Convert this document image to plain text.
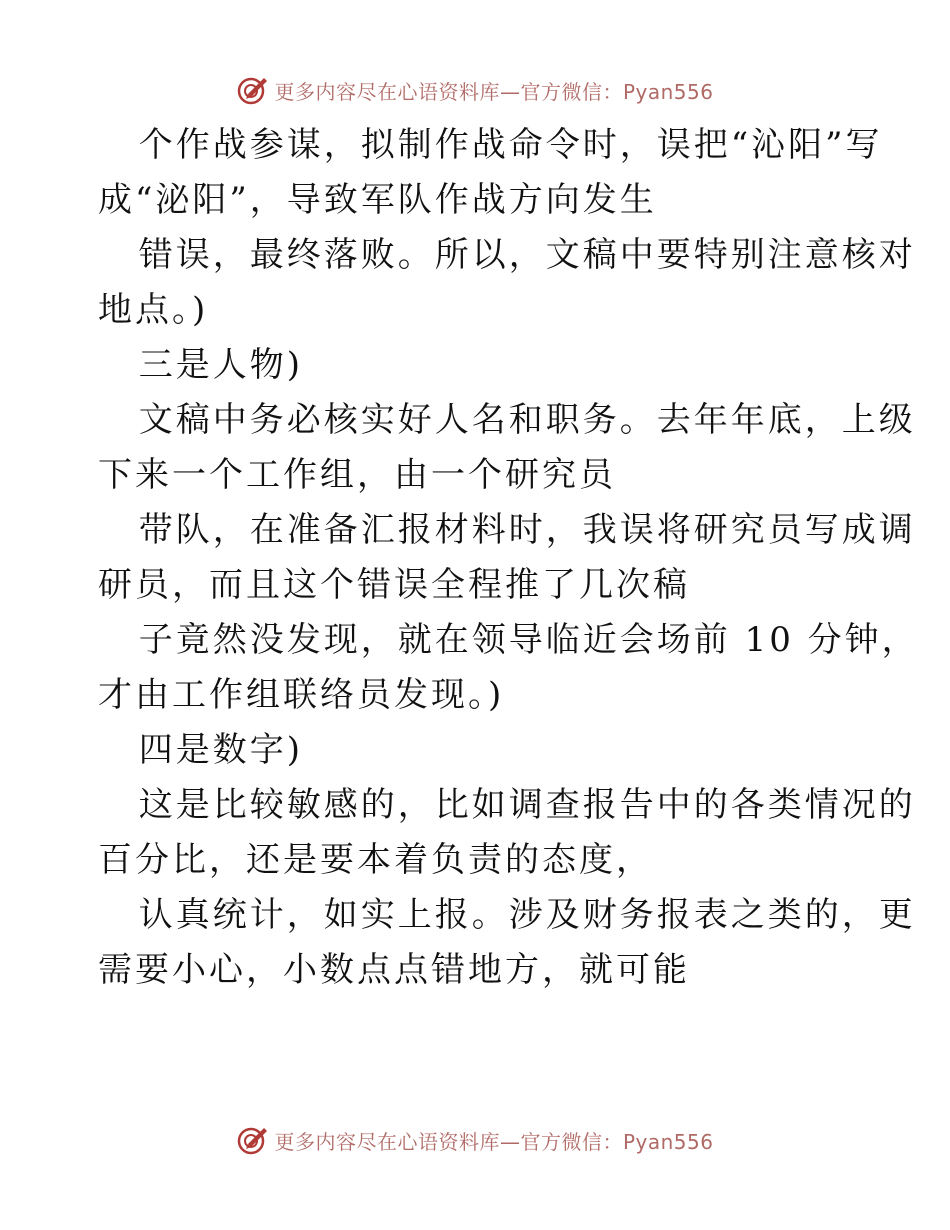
更多内容尽在心语资料库—官方微信：Pyan556

个作战参谋，拟制作战命令时，误把“沁阳”写
成“泌阳”，导致军队作战方向发生

错误，最终落败。所以，文稿中要特别注意核对
地点。)

三是人物)

文稿中务必核实好人名和职务。去年年底，上级
下来一个工作组，由一个研究员

带队，在准备汇报材料时，我误将研究员写成调
研员，而且这个错误全程推了几次稿

子竟然没发现，就在领导临近会场前 10 分钟，
才由工作组联络员发现。)

四是数字)

这是比较敏感的，比如调查报告中的各类情况的
百分比，还是要本着负责的态度，

认真统计，如实上报。涉及财务报表之类的，更
需要小心，小数点点错地方，就可能

更多内容尽在心语资料库—官方微信：Pyan556
